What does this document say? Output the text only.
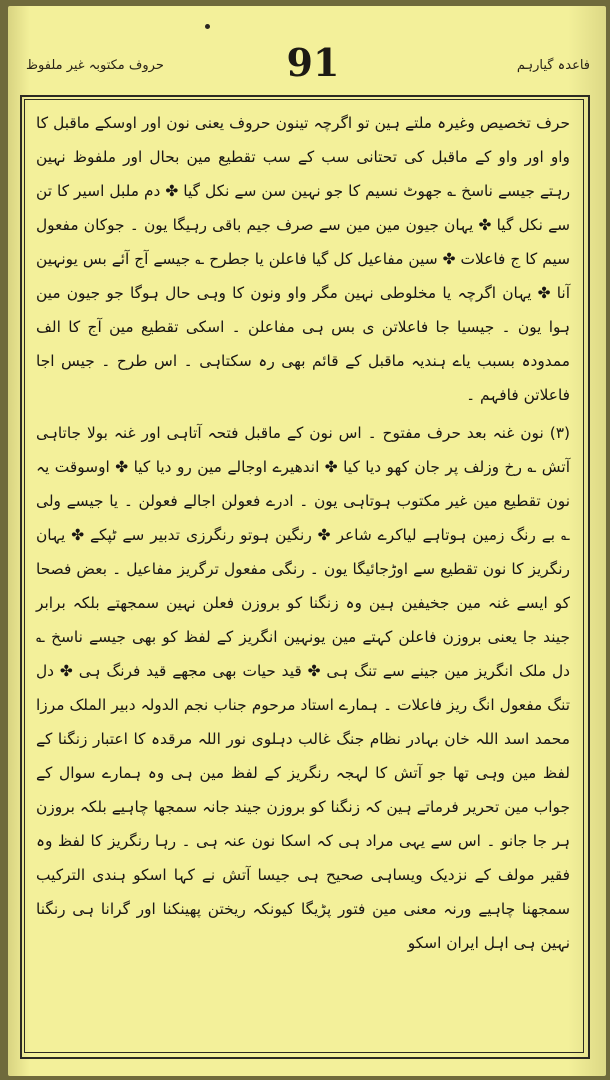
فاعدہ گیارہم
91
حروف مکتوبہ غیر ملفوظ

حرف تخصیص وغیرہ ملتے ہین تو اگرچہ تینون حروف یعنی نون اور اوسکے ماقبل کا واو اور واو کے ماقبل کی تحتانی سب کے سب تقطیع مین بحال اور ملفوظ نہین رہتے جیسے ناسخ ؎ جھوٹ نسیم کا جو نہین سن سے نکل گیا ✤ دم ملبل اسیر کا تن سے نکل گیا ✤ یہان جیون مین مین سے صرف جیم باقی رہیگا یون ۔ جوکان مفعول سیم کا ج فاعلات ✤ سین مفاعیل کل گیا فاعلن یا جطرح ؎ جیسے آج آئے بس یونہین آنا ✤ یہان اگرچہ یا مخلوطی نہین مگر واو ونون کا وہی حال ہوگا جو جیون مین ہوا یون ۔ جیسیا جا فاعلاتن ی بس ہی مفاعلن ۔ اسکی تقطیع مین آج کا الف ممدودہ بسبب یاے ہندیہ ماقبل کے قائم بھی رہ سکتاہی ۔ اس طرح ۔ جیس اجا فاعلاتن فافہم ۔

(۳) نون غنہ بعد حرف مفتوح ۔ اس نون کے ماقبل فتحہ آتاہی اور غنہ بولا جاتاہی آتش ؎ رخ وزلف پر جان کھو دیا کیا ✤ اندھیرے اوجالے مین رو دیا کیا ✤ اوسوقت یہ نون تقطیع مین غیر مکتوب ہوتاہی یون ۔ ادرے فعولن اجالے فعولن ۔ یا جیسے ولی ؎ بے رنگ زمین ہوتاہے لیاکرے شاعر ✤ رنگین ہوتو رنگرزی تدبیر سے ٹپکے ✤ یہان رنگریز کا نون تقطیع سے اوڑجائیگا یون ۔ رنگی مفعول ترگریز مفاعیل ۔ بعض فصحا کو ایسے غنہ مین جخیفین ہین وہ زنگنا کو بروزن فعلن نہین سمجھتے بلکہ برابر جیند جا یعنی بروزن فاعلن کہتے مین یونہین انگریز کے لفظ کو بھی جیسے ناسخ ؎ دل ملک انگریز مین جینے سے تنگ ہی ✤ قید حیات بھی مجھے قید فرنگ ہی ✤ دل تنگ مفعول انگ ریز فاعلات ۔ ہمارے استاد مرحوم جناب نجم الدولہ دبیر الملک مرزا محمد اسد اللہ خان بہادر نظام جنگ غالب دہلوی نور اللہ مرقدہ کا اعتبار زنگنا کے لفظ مین وہی تھا جو آتش کا لہجہ رنگریز کے لفظ مین ہی وہ ہمارے سوال کے جواب مین تحریر فرماتے ہین کہ زنگنا کو بروزن جیند جانہ سمجھا چاہیے بلکہ بروزن ہر جا جانو ۔ اس سے یہی مراد ہی کہ اسکا نون عنہ ہی ۔ رہا رنگریز کا لفظ وہ فقیر مولف کے نزدیک ویساہی صحیح ہی جیسا آتش نے کہا اسکو ہندی الترکیب سمجھنا چاہیے ورنہ معنی مین فتور پڑیگا کیونکہ ریختن پھینکنا اور گرانا ہی رنگنا نہین ہی اہل ایران اسکو
